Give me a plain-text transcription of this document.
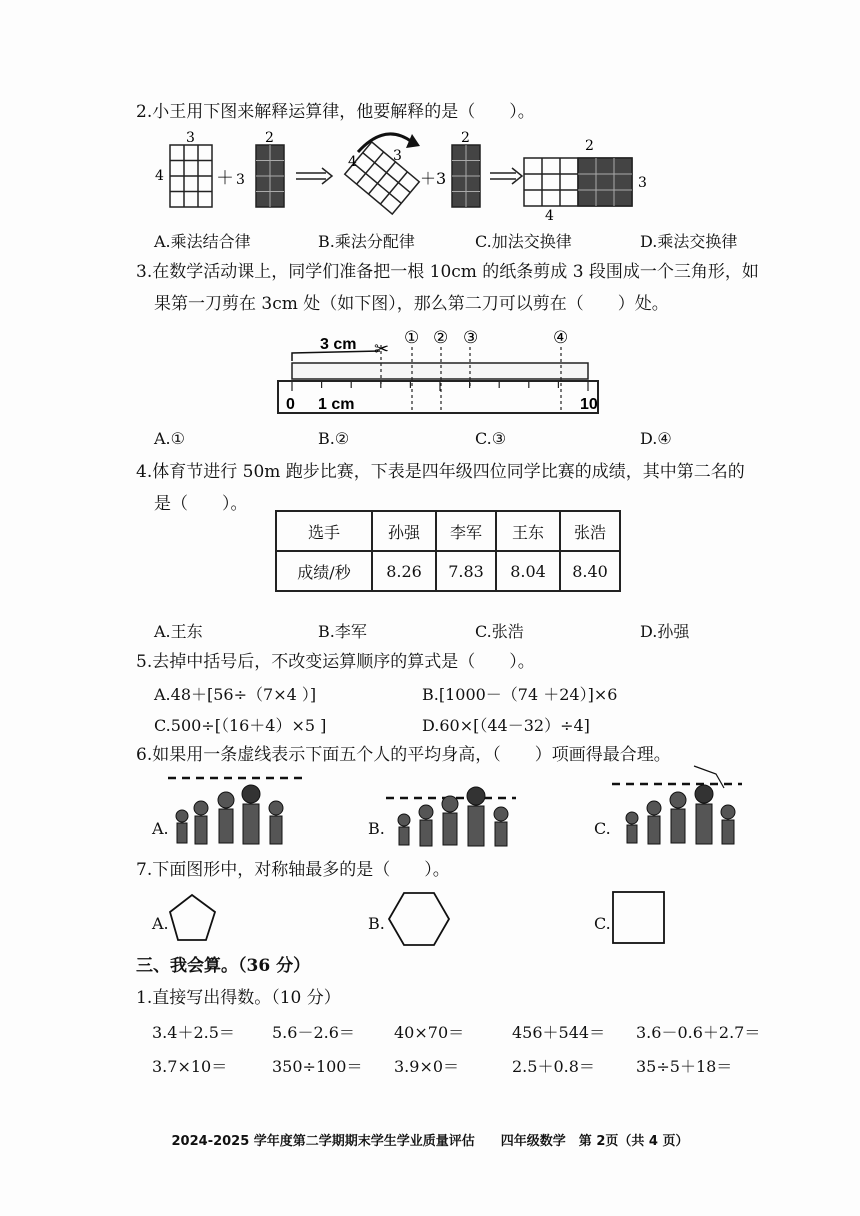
2.小王用下图来解释运算律，他要解释的是（　　）。
3
4	＋ 3
2
4	3
＋3
2	2
3
4
A.乘法结合律	B.乘法分配律	C.加法交换律	D.乘法交换律
3.在数学活动课上，同学们准备把一根 10cm 的纸条剪成 3 段围成一个三角形，如
果第一刀剪在 3cm 处（如下图），那么第二刀可以剪在（　　）处。
3 cm ✂
① ② ③	④
0 1 cm	10
A.①	B.②	C.③	D.④
4.体育节进行 50m 跑步比赛，下表是四年级四位同学比赛的成绩，其中第二名的
是（　　）。
选手	孙强	李军	王东	张浩
成绩/秒	8.26	7.83	8.04	8.40
A.王东	B.李军	C.张浩	D.孙强
5.去掉中括号后，不改变运算顺序的算式是（　　）。
A.48＋[56÷（7×4 ）]	B.[1000－（74 ＋24）]×6
C.500÷[（16＋4）×5 ]	D.60×[（44－32）÷4]
6.如果用一条虚线表示下面五个人的平均身高，（　　）项画得最合理。
A.	B.	C.
7.下面图形中，对称轴最多的是（　　）。
A.	B.	C.
三、我会算。（36 分）
1.直接写出得数。（10 分）
3.4＋2.5＝ 5.6－2.6＝ 40×70＝	456＋544＝ 3.6－0.6＋2.7＝
3.7×10＝	350÷100＝ 3.9×0＝	2.5＋0.8＝	35÷5＋18＝
2024-2025 学年度第二学期期末学生学业质量评估　　四年级数学　第 2页（共 4 页）
